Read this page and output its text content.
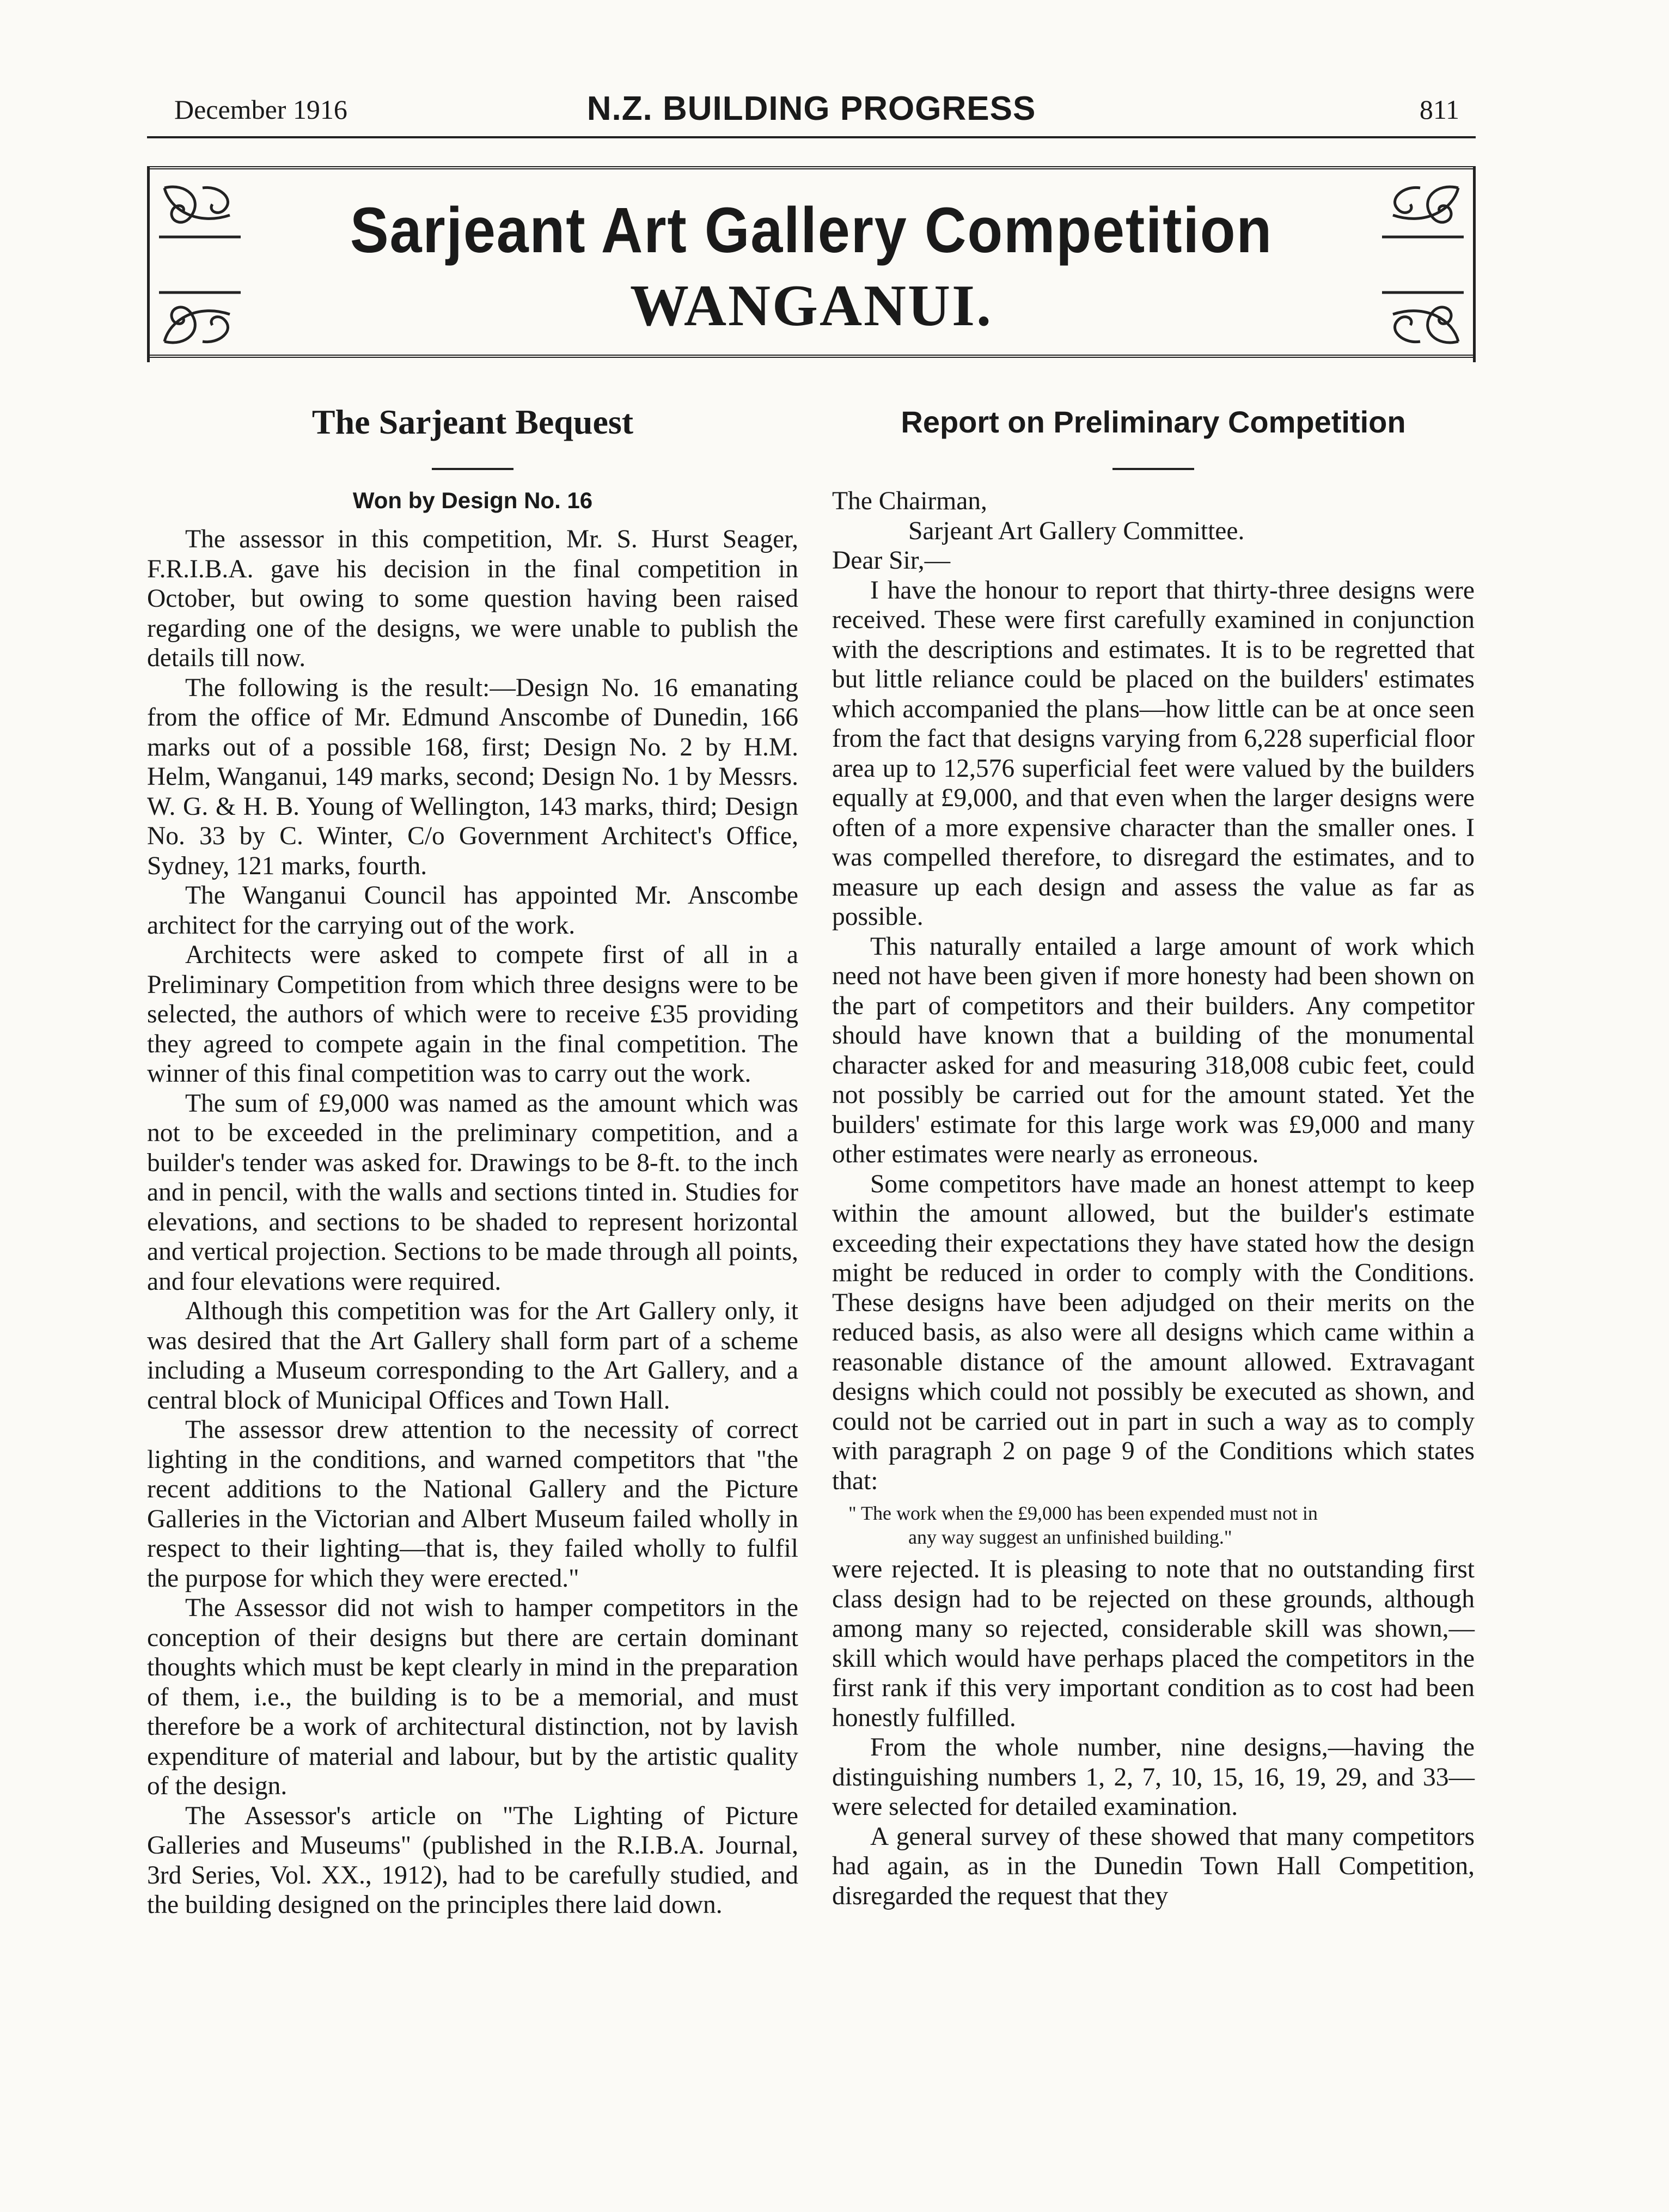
December 1916	N.Z. BUILDING PROGRESS	811
Sarjeant Art Gallery Competition
WANGANUI.
The Sarjeant Bequest
Won by Design No. 16

The assessor in this competition, Mr. S. Hurst Seager, F.R.I.B.A. gave his decision in the final competition in October, but owing to some question having been raised regarding one of the designs, we were unable to publish the details till now.

The following is the result:—Design No. 16 emanating from the office of Mr. Edmund Anscombe of Dunedin, 166 marks out of a possible 168, first; Design No. 2 by H.M. Helm, Wanganui, 149 marks, second; Design No. 1 by Messrs. W. G. & H. B. Young of Wellington, 143 marks, third; Design No. 33 by C. Winter, C/o Government Architect's Office, Sydney, 121 marks, fourth.

The Wanganui Council has appointed Mr. Anscombe architect for the carrying out of the work.

Architects were asked to compete first of all in a Preliminary Competition from which three designs were to be selected, the authors of which were to receive £35 providing they agreed to compete again in the final competition. The winner of this final competition was to carry out the work.

The sum of £9,000 was named as the amount which was not to be exceeded in the preliminary competition, and a builder's tender was asked for. Drawings to be 8-ft. to the inch and in pencil, with the walls and sections tinted in. Studies for elevations, and sections to be shaded to represent horizontal and vertical projection. Sections to be made through all points, and four elevations were required.

Although this competition was for the Art Gallery only, it was desired that the Art Gallery shall form part of a scheme including a Museum corresponding to the Art Gallery, and a central block of Municipal Offices and Town Hall.

The assessor drew attention to the necessity of correct lighting in the conditions, and warned competitors that "the recent additions to the National Gallery and the Picture Galleries in the Victorian and Albert Museum failed wholly in respect to their lighting—that is, they failed wholly to fulfil the purpose for which they were erected."

The Assessor did not wish to hamper competitors in the conception of their designs but there are certain dominant thoughts which must be kept clearly in mind in the preparation of them, i.e., the building is to be a memorial, and must therefore be a work of architectural distinction, not by lavish expenditure of material and labour, but by the artistic quality of the design.

The Assessor's article on "The Lighting of Picture Galleries and Museums" (published in the R.I.B.A. Journal, 3rd Series, Vol. XX., 1912), had to be carefully studied, and the building designed on the principles there laid down.

Report on Preliminary Competition
The Chairman,
Sarjeant Art Gallery Committee.
Dear Sir,—

I have the honour to report that thirty-three designs were received. These were first carefully examined in conjunction with the descriptions and estimates. It is to be regretted that but little reliance could be placed on the builders' estimates which accompanied the plans—how little can be at once seen from the fact that designs varying from 6,228 superficial floor area up to 12,576 superficial feet were valued by the builders equally at £9,000, and that even when the larger designs were often of a more expensive character than the smaller ones. I was compelled therefore, to disregard the estimates, and to measure up each design and assess the value as far as possible.

This naturally entailed a large amount of work which need not have been given if more honesty had been shown on the part of competitors and their builders. Any competitor should have known that a building of the monumental character asked for and measuring 318,008 cubic feet, could not possibly be carried out for the amount stated. Yet the builders' estimate for this large work was £9,000 and many other estimates were nearly as erroneous.

Some competitors have made an honest attempt to keep within the amount allowed, but the builder's estimate exceeding their expectations they have stated how the design might be reduced in order to comply with the Conditions. These designs have been adjudged on their merits on the reduced basis, as also were all designs which came within a reasonable distance of the amount allowed. Extravagant designs which could not possibly be executed as shown, and could not be carried out in part in such a way as to comply with paragraph 2 on page 9 of the Conditions which states that:

" The work when the £9,000 has been expended must not in
any way suggest an unfinished building."

were rejected. It is pleasing to note that no outstanding first class design had to be rejected on these grounds, although among many so rejected, considerable skill was shown,—skill which would have perhaps placed the competitors in the first rank if this very important condition as to cost had been honestly fulfilled.

From the whole number, nine designs,—having the distinguishing numbers 1, 2, 7, 10, 15, 16, 19, 29, and 33—were selected for detailed examination.

A general survey of these showed that many competitors had again, as in the Dunedin Town Hall Competition, disregarded the request that they
